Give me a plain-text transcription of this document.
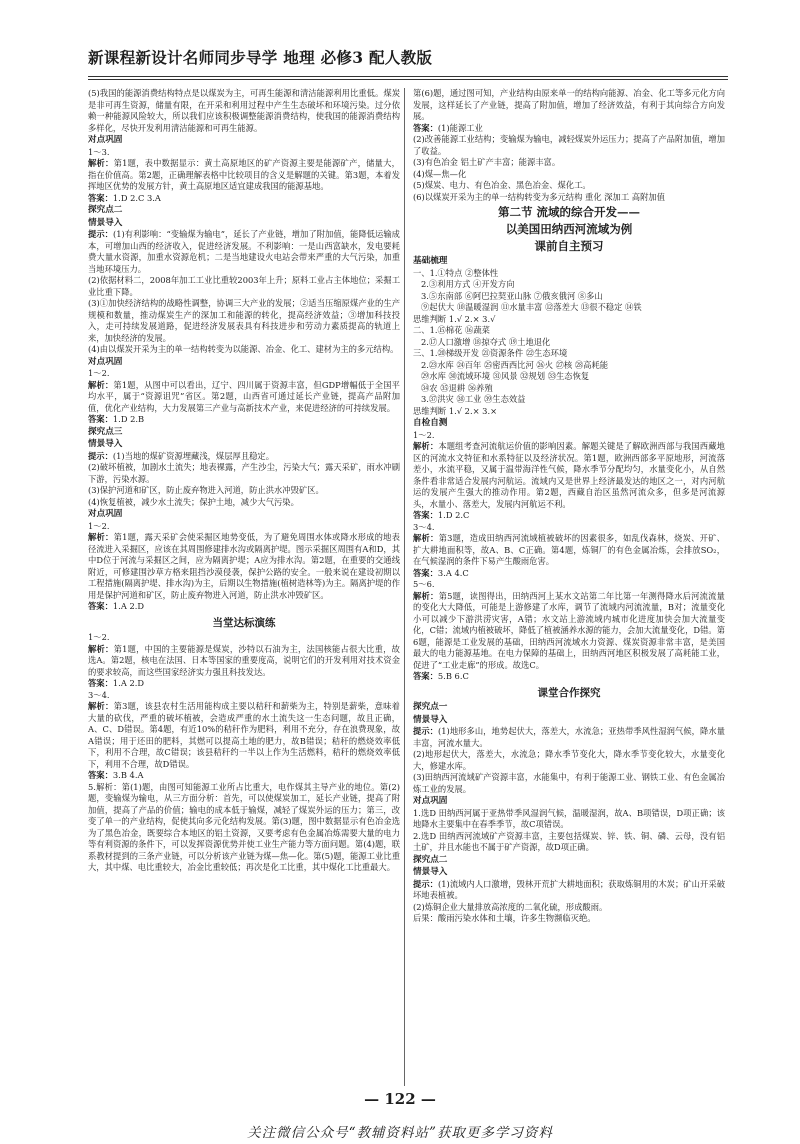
新课程新设计名师同步导学 地理 必修3 配人教版
(5)我国的能源消费结构特点是以煤炭为主，可再生能源和清洁能源利用比重低。煤炭是非可再生资源，储量有限，在开采和利用过程中产生生态破坏和环境污染。过分依赖一种能源风险较大，所以我们应该积极调整能源消费结构，使我国的能源消费结构多样化，尽快开发利用清洁能源和可再生能源。
对点巩固
1～3.
解析：第1题，表中数据显示：黄土高原地区的矿产资源主要是能源矿产，储量大，指在价值高。第2题，正确理解表格中比较项目的含义是解题的关键。第3题，本着发挥地区优势的发展方针，黄土高原地区适宜建成我国的能源基地。
答案：1.D 2.C 3.A
探究点二
情景导入
提示：(1)有利影响：“变输煤为输电”，延长了产业链，增加了附加值，能降低运输成本，可增加山西的经济收入，促进经济发展。不利影响：一是山西富缺水，发电要耗费大量水资源，加重水资源危机；二是当地建设火电站会带来严重的大气污染，加重当地环境压力。
(2)依据材料二，2008年加工工业比重较2003年上升；原料工业占主体地位；采掘工业比重下降。
(3)①加快经济结构的战略性调整，协调三大产业的发展；②适当压缩原煤产业的生产规模和数量，推动煤炭生产的深加工和能源的转化，提高经济效益；③增加科技投入，走可持续发展道路，促进经济发展表具有科技进步和劳动力素质提高的轨道上来，加快经济的发展。
(4)由以煤炭开采为主的单一结构转变为以能源、冶金、化工、建材为主的多元结构。
对点巩固
1～2.
解析：第1题，从图中可以看出，辽宁、四川属于资源丰富，但GDP增幅低于全国平均水平，属于“资源诅咒”省区。第2题，山西省可通过延长产业链，提高产品附加值，优化产业结构，大力发展第三产业与高新技术产业，来促进经济的可持续发展。
答案：1.D 2.B
探究点三
情景导入
提示：(1)当地的煤矿资源埋藏浅，煤层厚且稳定。
(2)破坏植被，加剧水土流失；地表裸露，产生沙尘，污染大气；露天采矿，雨水冲刷下游，污染水源。
(3)保护河道和矿区，防止废弃物进入河道，防止洪水冲毁矿区。
(4)恢复植被，减少水土流失；保护土地，减少大气污染。
对点巩固
1～2.
解析：第1题，露天采矿会使采掘区地势变低，为了避免周围水体或降水形成的地表径流进入采掘区，应该在其周围修建排水沟或隔离护堤。图示采掘区周围有A和D，其中D位于河流与采掘区之间，应为隔离护堤；A应为排水沟。第2题，在重要的交通线附近，可修建围沙草方格来阻挡沙漠侵袭，保护公路的安全。一般来说在建设初期以工程措施(隔离护堤、排水沟)为主，后期以生物措施(植树造林等)为主。隔离护堤的作用是保护河道和矿区，防止废弃物进入河道，防止洪水冲毁矿区。
答案：1.A 2.D
当堂达标演练
1～2.
解析：第1题，中国的主要能源是煤炭，沙特以石油为主，法国核能占很大比重，故选A。第2题，核电在法国、日本等国家的重要度高，说明它们的开发利用对技术资金的要求较高，而这些国家经济实力强且科技发达。
答案：1.A 2.D
3～4.
解析：第3题，该县农村生活用能构成主要以秸秆和薪柴为主，特别是薪柴，意味着大量的砍伐，严重的破坏植被，会造成严重的水土流失这一生态问题，故且正确，A、C、D错误。第4题，有近10%的秸秆作为肥料，利用不充分，存在浪费现象，故A错误；用于还田的肥料，其燃可以提高土地的肥力，故B错误；秸秆的燃烧效率低下，利用不合理，故C错误；该县秸秆约一半以上作为生活燃料，秸秆的燃烧效率低下，利用不合理，故D错误。
答案：3.B 4.A
5.解析：第(1)题，由图可知能源工业所占比重大，电作煤其主导产业的地位。第(2)题，变输煤为输电，从三方面分析：首先，可以使煤炭加工，延长产业链，提高了附加值，提高了产品的价值；输电的成本低于输煤，减轻了煤炭外运的压力；第三，改变了单一的产业结构，促使其向多元化结构发展。第(3)题，图中数据显示有色冶金选为了黑色冶金，既要综合本地区的铝土资源，又要考虑有色金属冶炼需要大量的电力等有利资源的条件下，可以发挥资源优势并使工业生产能力等方面问题。第(4)题，联系教材提到的三条产业链，可以分析该产业链为煤—焦—化。第(5)题，能源工业比重大，其中煤、电比重较大，冶金比重较低；再次是化工比重，其中煤化工比重最大。
第(6)题，通过图可知，产业结构由原来单一的结构向能源、冶金、化工等多元化方向发展，这样延长了产业链，提高了附加值，增加了经济效益，有利于其向综合方向发展。
答案：(1)能源工业
(2)改善能源工业结构；变输煤为输电，减轻煤炭外运压力；提高了产品附加值，增加了收益。
(3)有色冶金 铝土矿产丰富；能源丰富。
(4)煤—焦—化
(5)煤炭、电力、有色冶金、黑色冶金、煤化工。
(6)以煤炭开采为主的单一结构转变为多元结构 重化 深加工 高附加值
第二节 流域的综合开发——
以美国田纳西河流域为例
课前自主预习
基础梳理
一、1.①特点 ②整体性
2.③利用方式 ④开发方向
3.⑤东南部 ⑥阿巴拉契亚山脉 ⑦俄亥俄河 ⑧多山
⑨起伏大 ⑩温暖湿润 ⑪水量丰富 ⑫落差大 ⑬很不稳定 ⑭铁
思维判断 1.√ 2.× 3.√
二、1.⑮棉花 ⑯蔬菜
2.⑰人口激增 ⑱掠夺式 ⑲土地退化
三、1.⑳梯级开发 ㉑资源条件 ㉒生态环境
2.㉓水库 ㉔百年 ㉕密西西比河 ㉖火 ㉗核 ㉘高耗能
㉙水库 ㉚流域环境 ㉛风景 ㉜规划 ㉝生态恢复
㉞农 ㉟退耕 ㊱养殖
3.㊲洪灾 ㊳工业 ㊴生态效益
思维判断 1.√ 2.× 3.×
自检自测
1～2.
解析：本题组考查河流航运价值的影响因素。解题关键是了解欧洲西部与我国西藏地区的河流水文特征和水系特征以及经济状况。第1题，欧洲西部多平原地形，河流落差小，水流平稳，又属于温带海洋性气候，降水季节分配均匀，水量变化小，从自然条件看非常适合发展内河航运。流域内又是世界上经济最发达的地区之一，对内河航运的发展产生强大的推动作用。第2题，西藏自治区虽然河流众多，但多是河流源头，水量小、落差大，发展内河航运不利。
答案：1.D 2.C
3～4.
解析：第3题，造成田纳西河流域植被破坏的因素很多，如乱伐森林，烧炭、开矿、扩大耕地面积等，故A、B、C正确。第4题，炼铜厂的有色金属冶炼，会排放SO₂，在气候湿润的条件下易产生酸雨危害。
答案：3.A 4.C
5～6.
解析：第5题，读图得出，田纳西河上某水文站第二年比第一年测得降水后河流流量的变化大大降低，可能是上游修建了水库，调节了流域内河流流量，B对；流量变化小可以减少下游洪涝灾害，A错；水文站上游流域内城市化进度加快会加大流量变化，C错；流域内植被破坏，降低了植被涵养水源的能力，会加大流量变化，D错。第6题，能源是工业发展的基础，田纳西河流域水力资源、煤炭资源非常丰富，是美国最大的电力能源基地。在电力保障的基础上，田纳西河地区积极发展了高耗能工业，促进了“工业走廊”的形成。故选C。
答案：5.B 6.C
课堂合作探究
探究点一
情景导入
提示：(1)地形多山，地势起伏大，落差大，水流急；亚热带季风性湿润气候，降水量丰富，河流水量大。
(2)地形起伏大，落差大，水流急；降水季节变化大，降水季节变化较大，水量变化大，修建水库。
(3)田纳西河流域矿产资源丰富，水能集中，有利于能源工业、钢铁工业、有色金属冶炼工业的发展。
对点巩固
1.选D 田纳西河属于亚热带季风湿润气候，温暖湿润，故A、B项错误，D项正确；该地降水主要集中在春季季节，故C项错误。
2.选D 田纳西河流域矿产资源丰富，主要包括煤炭、锌、铁、铜、磷、云母，没有铝土矿，并且水能也不属于矿产资源，故D项正确。
探究点二
情景导入
提示：(1)流域内人口激增，毁林开荒扩大耕地面积；获取炼铜用的木炭；矿山开采破坏地表植被。
(2)炼铜企业大量排放高浓度的二氧化硫，形成酸雨。
后果：酸雨污染水体和土壤，许多生物濒临灭绝。
— 122 —
关注微信公众号“教辅资料站”获取更多学习资料
